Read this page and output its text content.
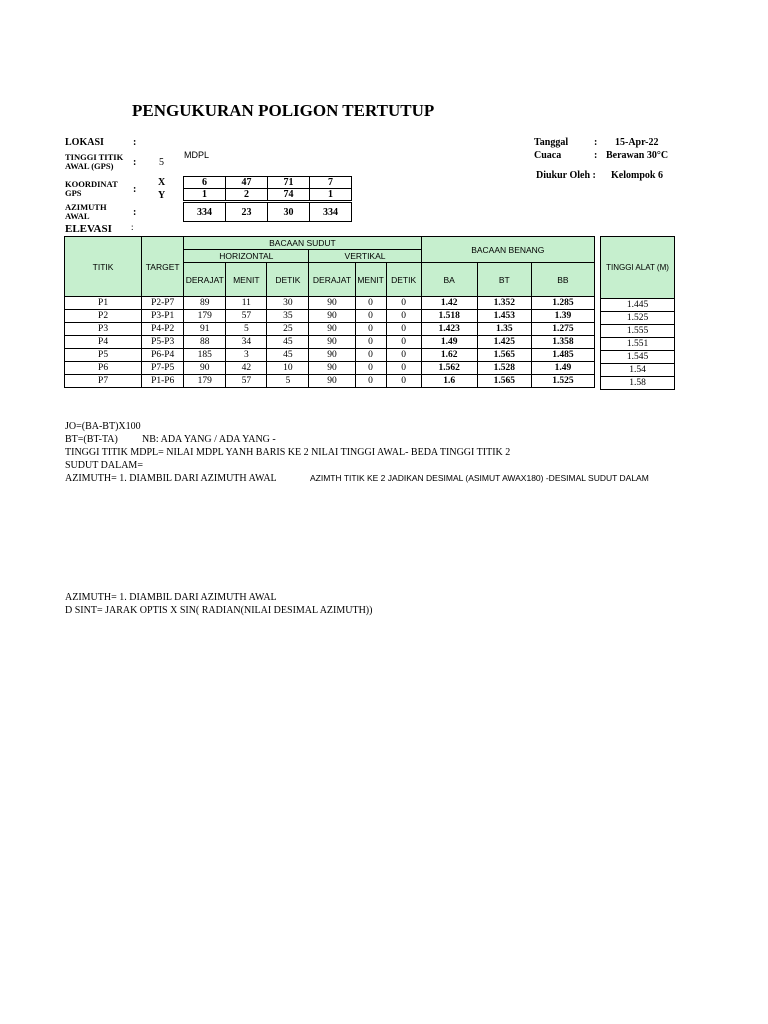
PENGUKURAN POLIGON TERTUTUP
LOKASI	:
TINGGI TITIK
AWAL (GPS)	: 5
MDPL
KOORDINAT
GPS	:
X
Y
AZIMUTH
AWAL	:
ELEVASI :
6	47	71	7
1	2	74	1
334	23	30	334
Tanggal	: 15-Apr-22
Cuaca	: Berawan 30°C
Diukur Oleh : Kelompok 6
TITIK	TARGET	BACAAN SUDUT						BACAAN BENANG		
		HORIZONTAL			VERTIKAL					
		DERAJAT	MENIT	DETIK	DERAJAT	MENIT	DETIK	BA	BT	BB
P1	P2-P7	89	11	30	90	0	0	1.42	1.352	1.285
P2	P3-P1	179	57	35	90	0	0	1.518	1.453	1.39
P3	P4-P2	91	5	25	90	0	0	1.423	1.35	1.275
P4	P5-P3	88	34	45	90	0	0	1.49	1.425	1.358
P5	P6-P4	185	3	45	90	0	0	1.62	1.565	1.485
P6	P7-P5	90	42	10	90	0	0	1.562	1.528	1.49
P7	P1-P6	179	57	5	90	0	0	1.6	1.565	1.525
TINGGI ALAT (M)
1.445
1.525
1.555
1.551
1.545
1.54
1.58
JO=(BA-BT)X100
BT=(BT-TA) NB: ADA YANG / ADA YANG -
TINGGI TITIK MDPL= NILAI MDPL YANH BARIS KE 2 NILAI TINGGI AWAL- BEDA TINGGI TITIK 2
SUDUT DALAM=
AZIMUTH= 1. DIAMBIL DARI AZIMUTH AWAL	AZIMTH TITIK KE 2 JADIKAN DESIMAL (ASIMUT AWAX180) -DESIMAL SUDUT DALAM
AZIMUTH= 1. DIAMBIL DARI AZIMUTH AWAL
D SINT= JARAK OPTIS X SIN( RADIAN(NILAI DESIMAL AZIMUTH))
